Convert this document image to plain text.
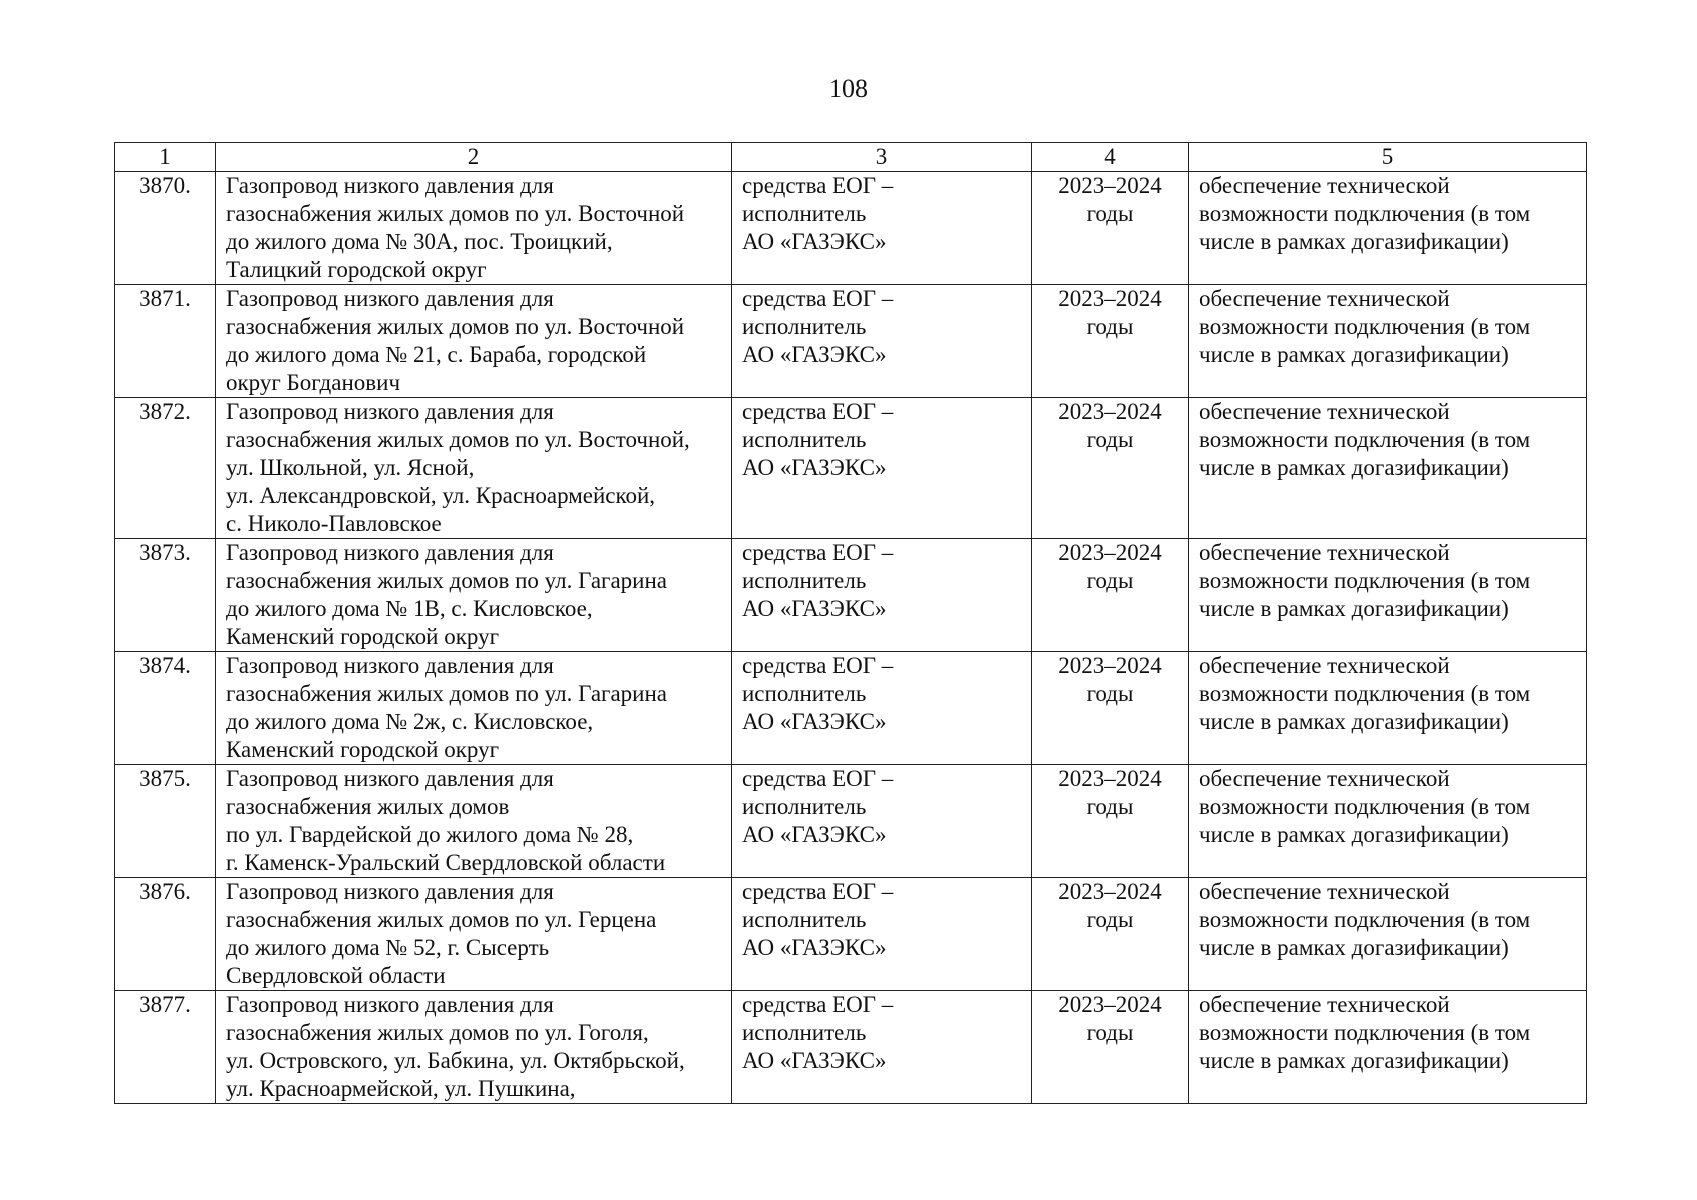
108
1	2	3	4	5
3870.	Газопровод низкого давления для
газоснабжения жилых домов по ул. Восточной
до жилого дома № 30А, пос. Троицкий,
Талицкий городской округ	средства ЕОГ –
исполнитель
АО «ГАЗЭКС»	2023–2024
годы	обеспечение технической
возможности подключения (в том
числе в рамках догазификации)

3871.	Газопровод низкого давления для
газоснабжения жилых домов по ул. Восточной
до жилого дома № 21, с. Бараба, городской
округ Богданович	средства ЕОГ –
исполнитель
АО «ГАЗЭКС»	2023–2024
годы	обеспечение технической
возможности подключения (в том
числе в рамках догазификации)

3872.	Газопровод низкого давления для
газоснабжения жилых домов по ул. Восточной,
ул. Школьной, ул. Ясной,
ул. Александровской, ул. Красноармейской,
с. Николо-Павловское	средства ЕОГ –
исполнитель
АО «ГАЗЭКС»	2023–2024
годы	обеспечение технической
возможности подключения (в том
числе в рамках догазификации)

3873.	Газопровод низкого давления для
газоснабжения жилых домов по ул. Гагарина
до жилого дома № 1В, с. Кисловское,
Каменский городской округ	средства ЕОГ –
исполнитель
АО «ГАЗЭКС»	2023–2024
годы	обеспечение технической
возможности подключения (в том
числе в рамках догазификации)

3874.	Газопровод низкого давления для
газоснабжения жилых домов по ул. Гагарина
до жилого дома № 2ж, с. Кисловское,
Каменский городской округ	средства ЕОГ –
исполнитель
АО «ГАЗЭКС»	2023–2024
годы	обеспечение технической
возможности подключения (в том
числе в рамках догазификации)

3875.	Газопровод низкого давления для
газоснабжения жилых домов
по ул. Гвардейской до жилого дома № 28,
г. Каменск-Уральский Свердловской области	средства ЕОГ –
исполнитель
АО «ГАЗЭКС»	2023–2024
годы	обеспечение технической
возможности подключения (в том
числе в рамках догазификации)

3876.	Газопровод низкого давления для
газоснабжения жилых домов по ул. Герцена
до жилого дома № 52, г. Сысерть
Свердловской области	средства ЕОГ –
исполнитель
АО «ГАЗЭКС»	2023–2024
годы	обеспечение технической
возможности подключения (в том
числе в рамках догазификации)

3877.	Газопровод низкого давления для
газоснабжения жилых домов по ул. Гоголя,
ул. Островского, ул. Бабкина, ул. Октябрьской,
ул. Красноармейской, ул. Пушкина,	средства ЕОГ –
исполнитель
АО «ГАЗЭКС»	2023–2024
годы	обеспечение технической
возможности подключения (в том
числе в рамках догазификации)
